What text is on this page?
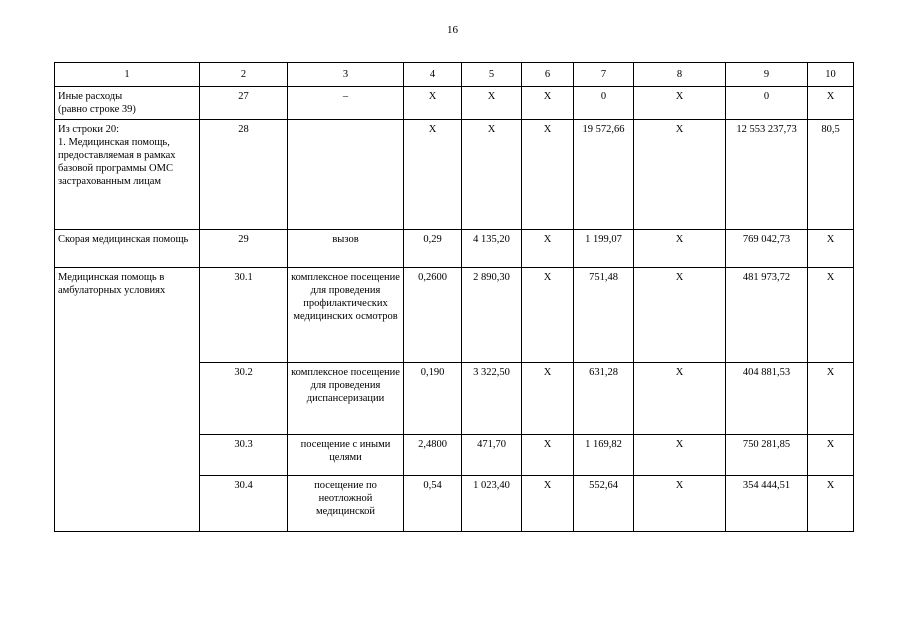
16
1	2	3	4	5	6	7	8	9	10
Иные расходы
(равно строке 39)	27	–	X	X	X	0	X	0	X
Из строки 20:
1. Медицинская помощь, предоставляемая в рамках базовой программы ОМС застрахованным лицам	28		X	X	X	19 572,66	X	12 553 237,73	80,5
Скорая медицинская помощь	29	вызов	0,29	4 135,20	X	1 199,07	X	769 042,73	X
Медицинская помощь в амбулаторных условиях	30.1	комплексное посещение для проведения профилактических медицинских осмотров	0,2600	2 890,30	X	751,48	X	481 973,72	X
	30.2	комплексное посещение для проведения диспансеризации	0,190	3 322,50	X	631,28	X	404 881,53	X
	30.3	посещение с иными целями	2,4800	471,70	X	1 169,82	X	750 281,85	X
	30.4	посещение по неотложной медицинской	0,54	1 023,40	X	552,64	X	354 444,51	X
